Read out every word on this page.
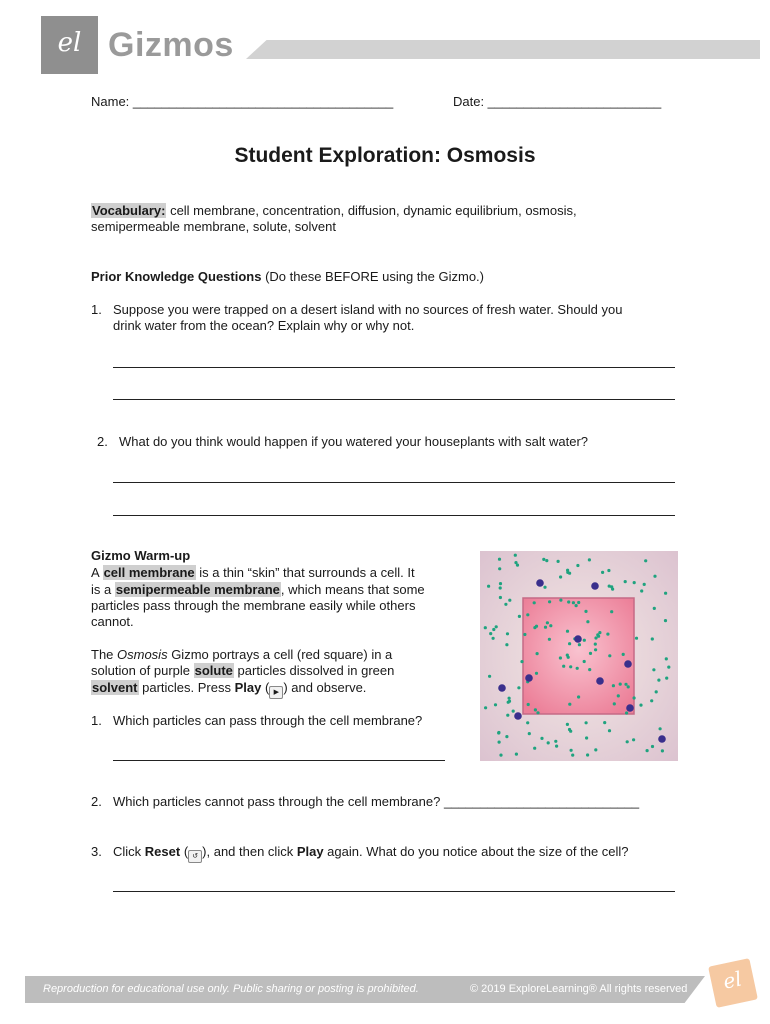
el Gizmos
Name: ____________________________________	Date: ________________________
Student Exploration: Osmosis
Vocabulary: cell membrane, concentration, diffusion, dynamic equilibrium, osmosis,
semipermeable membrane, solute, solvent
Prior Knowledge Questions (Do these BEFORE using the Gizmo.)
1. Suppose you were trapped on a desert island with no sources of fresh water. Should you
drink water from the ocean? Explain why or why not.
2. What do you think would happen if you watered your houseplants with salt water?
Gizmo Warm-up
A cell membrane is a thin “skin” that surrounds a cell. It
is a semipermeable membrane, which means that some
particles pass through the membrane easily while others
cannot.
The Osmosis Gizmo portrays a cell (red square) in a
solution of purple solute particles dissolved in green
solvent particles. Press Play ( ▶ ) and observe.
1. Which particles can pass through the cell membrane?
2. Which particles cannot pass through the cell membrane? ___________________________
3. Click Reset ( ↺ ), and then click Play again. What do you notice about the size of the cell?
Reproduction for educational use only. Public sharing or posting is prohibited.	© 2019 ExploreLearning® All rights reserved	el
